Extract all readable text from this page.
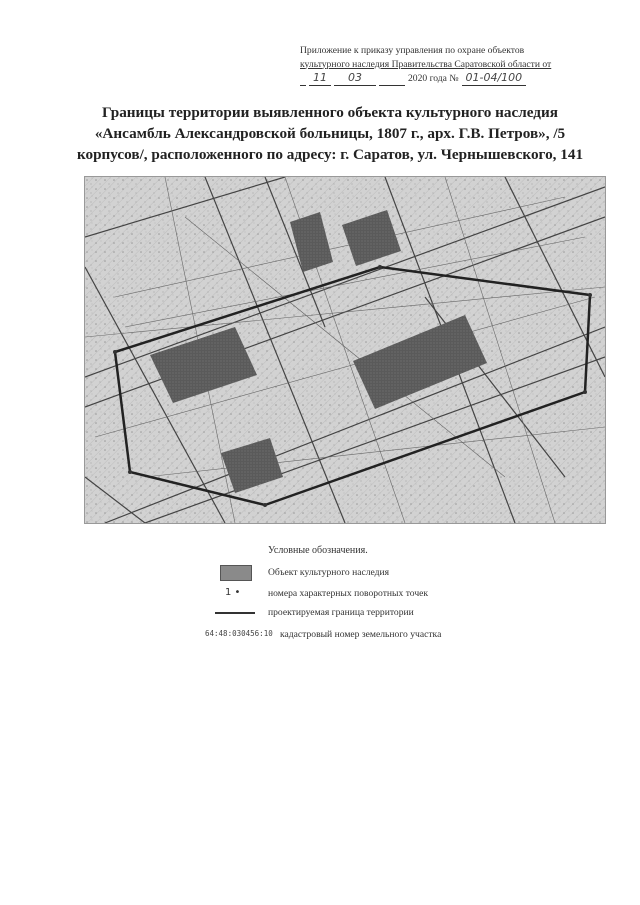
Приложение к приказу управления по охране объектов
культурного наследия Правительства Саратовской области от
11	03	2020 года № 01-04/100
Границы территории выявленного объекта культурного наследия
«Ансамбль Александровской больницы, 1807 г., арх. Г.В. Петров», /5
корпусов/, расположенного по адресу: г. Саратов, ул. Чернышевского, 141
Условные обозначения.
Объект культурного наследия
1 •	номера характерных поворотных точек
проектируемая граница территории
64:48:030456:10 кадастровый номер земельного участка
